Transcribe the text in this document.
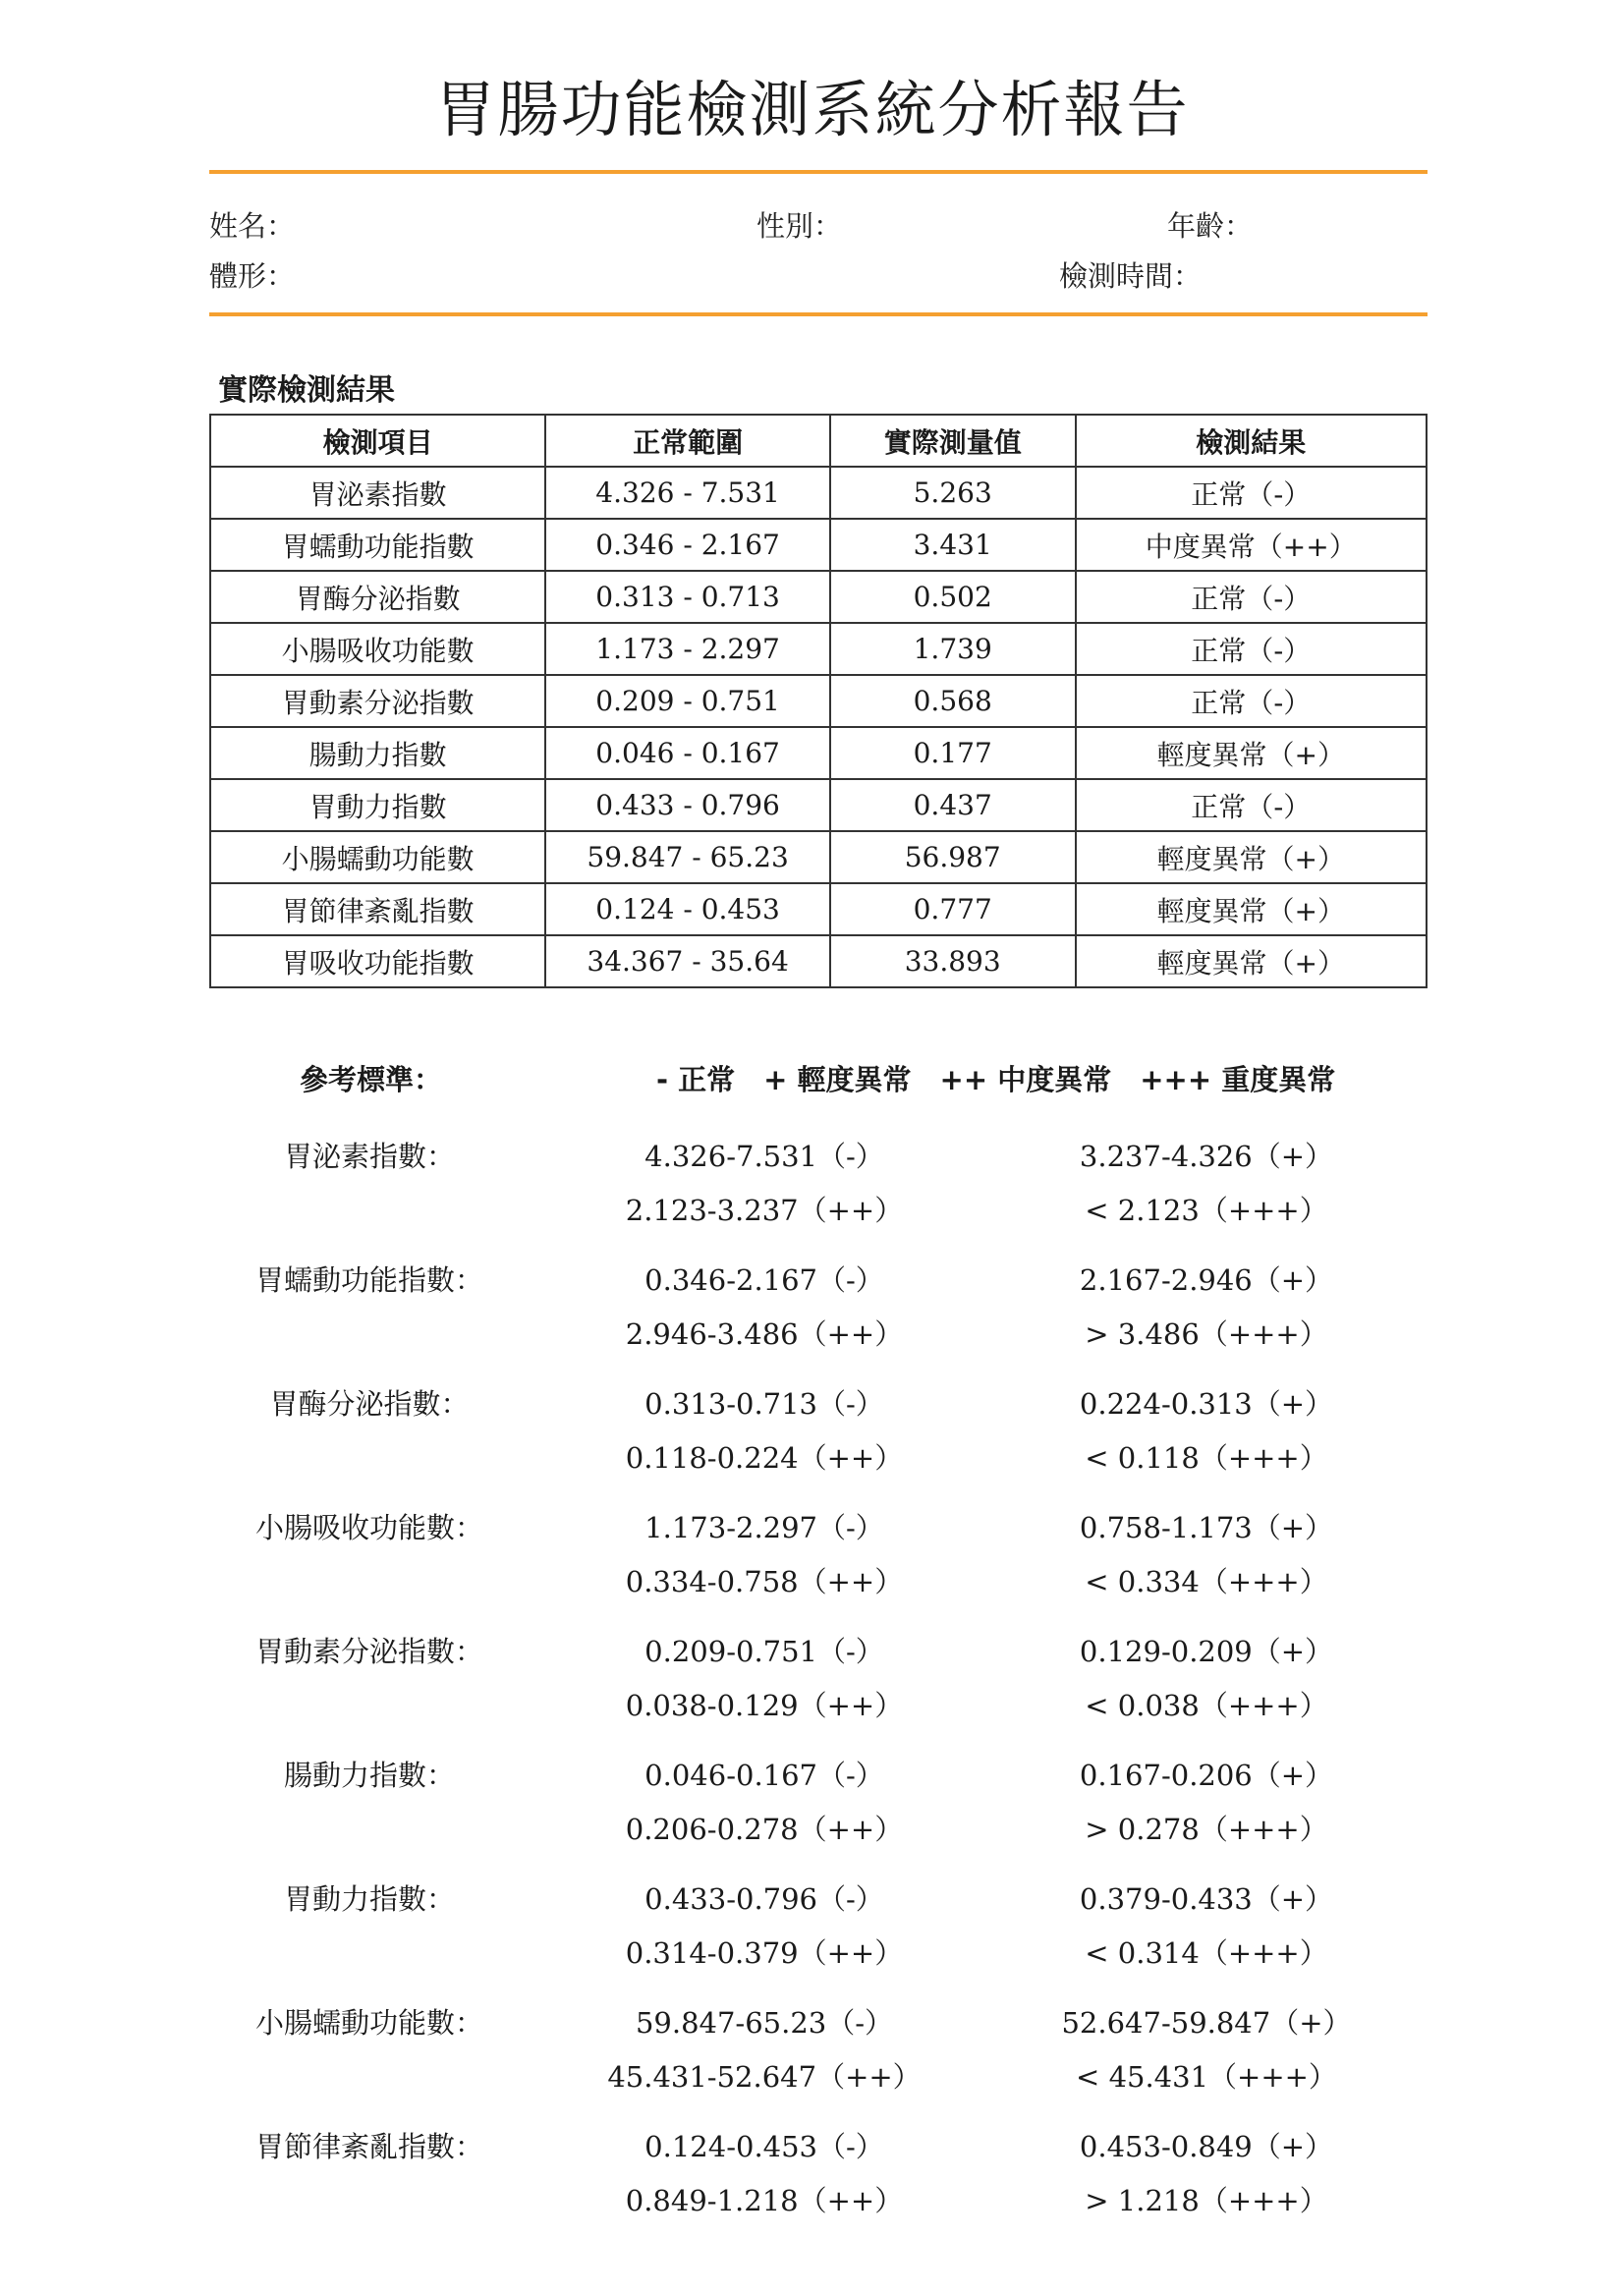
胃腸功能檢測系統分析報告
姓名：	性別：	年齡：
體形：	檢測時間：
實際檢測結果
檢測項目	正常範圍	實際測量值	檢測結果
胃泌素指數	4.326 - 7.531	5.263	正常（-）
胃蠕動功能指數	0.346 - 2.167	3.431	中度異常（++）
胃酶分泌指數	0.313 - 0.713	0.502	正常（-）
小腸吸收功能數	1.173 - 2.297	1.739	正常（-）
胃動素分泌指數	0.209 - 0.751	0.568	正常（-）
腸動力指數	0.046 - 0.167	0.177	輕度異常（+）
胃動力指數	0.433 - 0.796	0.437	正常（-）
小腸蠕動功能數	59.847 - 65.23	56.987	輕度異常（+）
胃節律紊亂指數	0.124 - 0.453	0.777	輕度異常（+）
胃吸收功能指數	34.367 - 35.64	33.893	輕度異常（+）
參考標準：	- 正常　+ 輕度異常　++ 中度異常　+++ 重度異常
胃泌素指數：	4.326-7.531（-）	3.237-4.326（+）
2.123-3.237（++）	< 2.123（+++）
胃蠕動功能指數：	0.346-2.167（-）	2.167-2.946（+）
2.946-3.486（++）	> 3.486（+++）
胃酶分泌指數：	0.313-0.713（-）	0.224-0.313（+）
0.118-0.224（++）	< 0.118（+++）
小腸吸收功能數：	1.173-2.297（-）	0.758-1.173（+）
0.334-0.758（++）	< 0.334（+++）
胃動素分泌指數：	0.209-0.751（-）	0.129-0.209（+）
0.038-0.129（++）	< 0.038（+++）
腸動力指數：	0.046-0.167（-）	0.167-0.206（+）
0.206-0.278（++）	> 0.278（+++）
胃動力指數：	0.433-0.796（-）	0.379-0.433（+）
0.314-0.379（++）	< 0.314（+++）
小腸蠕動功能數：	59.847-65.23（-）	52.647-59.847（+）
45.431-52.647（++）	< 45.431（+++）
胃節律紊亂指數：	0.124-0.453（-）	0.453-0.849（+）
0.849-1.218（++）	> 1.218（+++）
